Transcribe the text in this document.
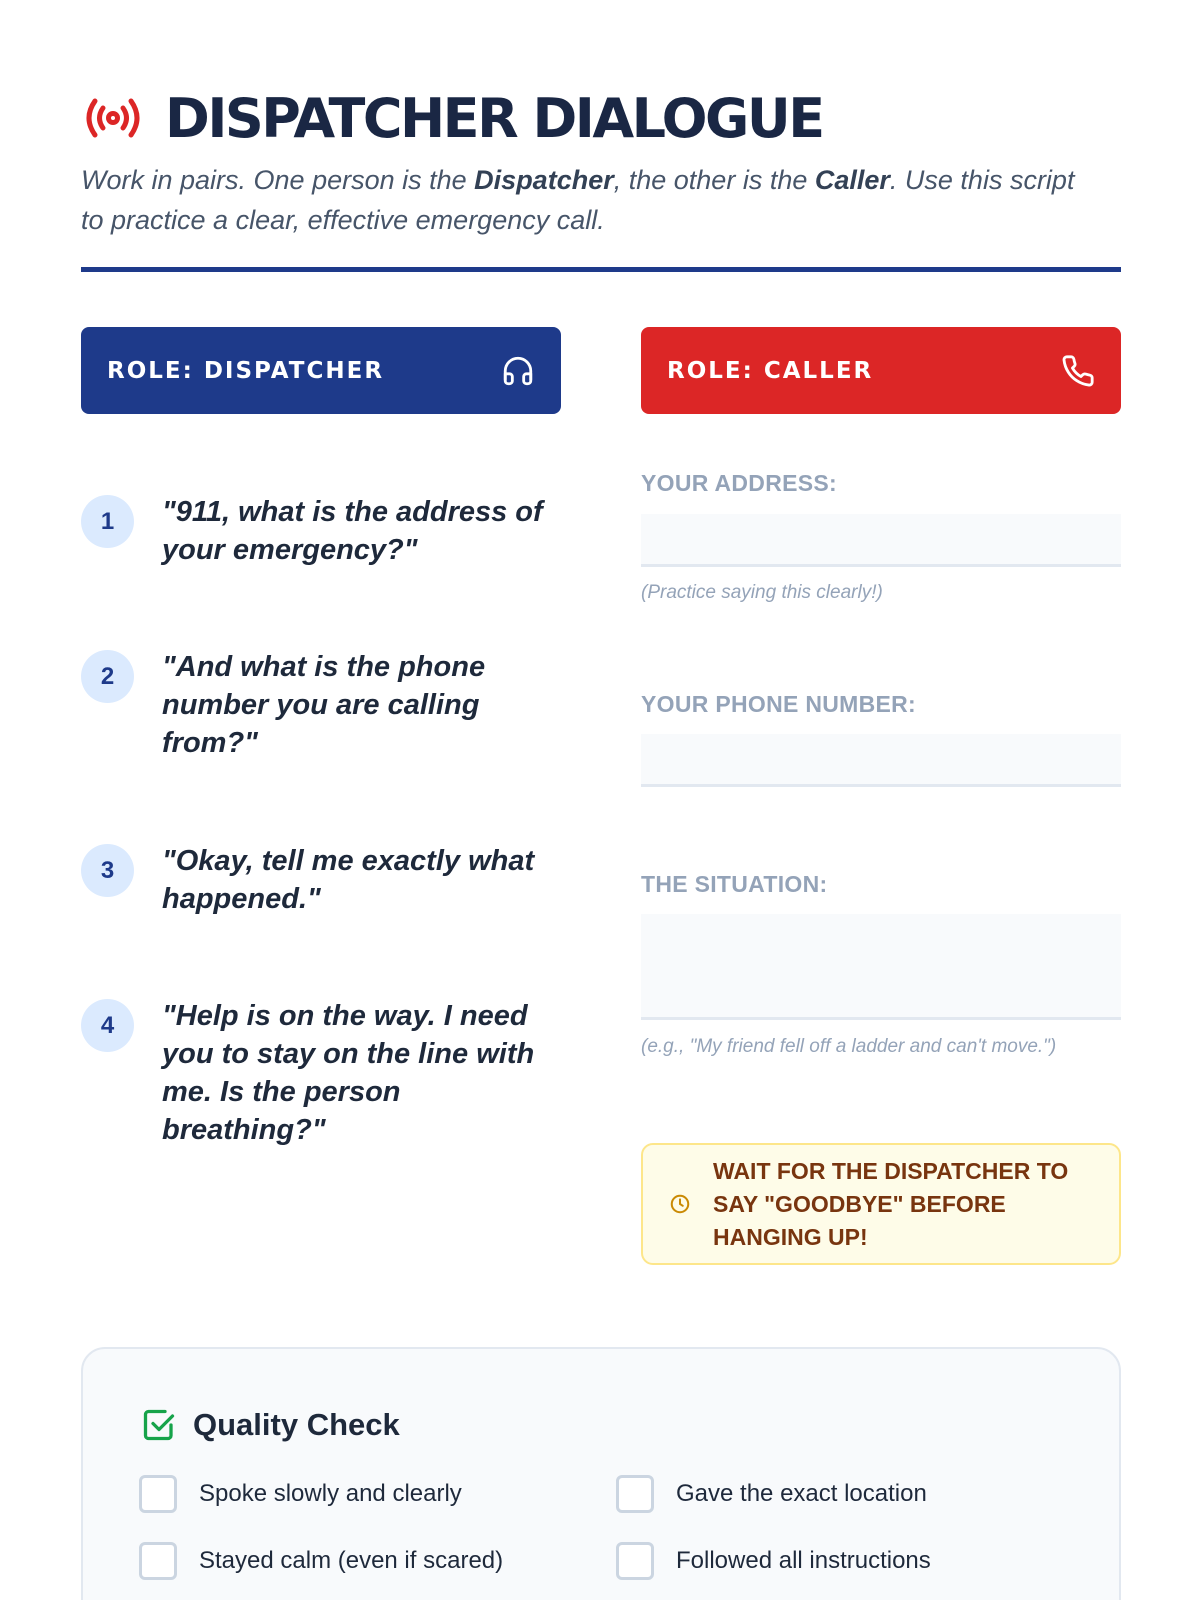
DISPATCHER DIALOGUE

Work in pairs. One person is the Dispatcher, the other is the Caller. Use this script to practice a clear, effective emergency call.

ROLE: DISPATCHER	ROLE: CALLER
1	"911, what is the address of your emergency?"
2	"And what is the phone number you are calling from?"
3	"Okay, tell me exactly what happened."
4	"Help is on the way. I need you to stay on the line with me. Is the person breathing?"
YOUR ADDRESS:
(Practice saying this clearly!)
YOUR PHONE NUMBER:
THE SITUATION:
(e.g., "My friend fell off a ladder and can't move.")
WAIT FOR THE DISPATCHER TO SAY "GOODBYE" BEFORE HANGING UP!
Quality Check
Spoke slowly and clearly	Gave the exact location
Stayed calm (even if scared)	Followed all instructions
